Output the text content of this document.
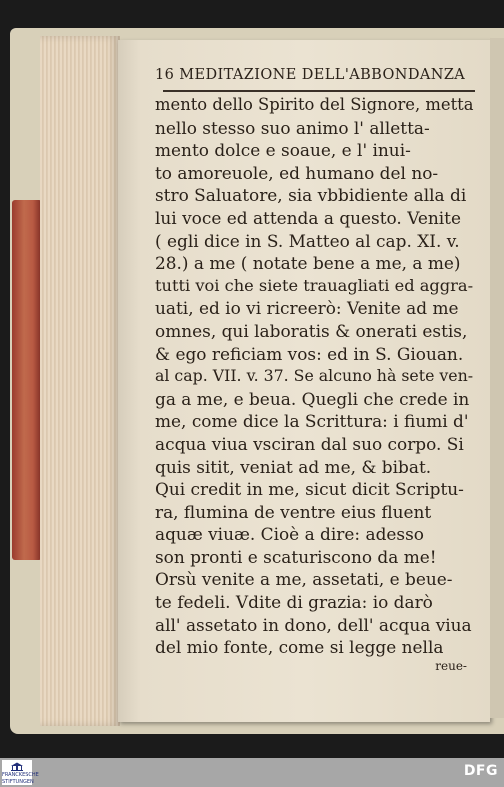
16 MEDITAZIONE DELL'ABBONDANZA
mento dello Spirito del Signore, metta
nello stesso suo animo l' alletta-
mento dolce e soaue, e l' inui-
to amoreuole, ed humano del no-
stro Saluatore, sia vbbidiente alla di
lui voce ed attenda a questo. Venite
( egli dice in S. Matteo al cap. XI. v.
28.) a me ( notate bene a me, a me)
tutti voi che siete trauagliati ed aggra-
uati, ed io vi ricreerò: Venite ad me
omnes, qui laboratis & onerati estis,
& ego reficiam vos: ed in S. Giouan.
al cap. VII. v. 37. Se alcuno hà sete ven-
ga a me, e beua. Quegli che crede in
me, come dice la Scrittura: i fiumi d'
acqua viua vsciran dal suo corpo. Si
quis sitit, veniat ad me, & bibat.
Qui credit in me, sicut dicit Scriptu-
ra, flumina de ventre eius fluent
aquæ viuæ. Cioè a dire: adesso
son pronti e scaturiscono da me!
Orsù venite a me, assetati, e beue-
te fedeli. Vdite di grazia: io darò
all' assetato in dono, dell' acqua viua
del mio fonte, come si legge nella
reue-
FRANCKESCHE STIFTUNGEN
DFG
